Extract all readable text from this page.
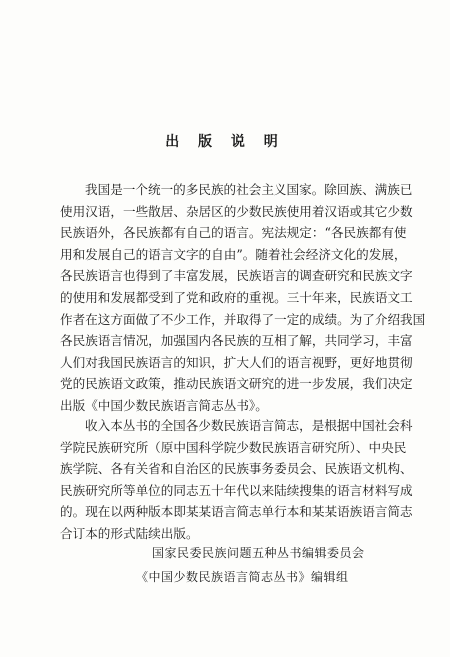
出 版 说 明
我国是一个统一的多民族的社会主义国家。除回族、满族已
使用汉语，一些散居、杂居区的少数民族使用着汉语或其它少数
民族语外，各民族都有自己的语言。宪法规定：“各民族都有使
用和发展自己的语言文字的自由”。随着社会经济文化的发展，
各民族语言也得到了丰富发展，民族语言的调查研究和民族文字
的使用和发展都受到了党和政府的重视。三十年来，民族语文工
作者在这方面做了不少工作，并取得了一定的成绩。为了介绍我国
各民族语言情况，加强国内各民族的互相了解，共同学习，丰富
人们对我国民族语言的知识，扩大人们的语言视野，更好地贯彻
党的民族语文政策，推动民族语文研究的进一步发展，我们决定
出版《中国少数民族语言简志丛书》。
收入本丛书的全国各少数民族语言简志，是根据中国社会科
学院民族研究所（原中国科学院少数民族语言研究所）、中央民
族学院、各有关省和自治区的民族事务委员会、民族语文机构、
民族研究所等单位的同志五十年代以来陆续搜集的语言材料写成
的。现在以两种版本即某某语言简志单行本和某某语族语言简志
合订本的形式陆续出版。
国家民委民族问题五种丛书编辑委员会
《中国少数民族语言简志丛书》编辑组
